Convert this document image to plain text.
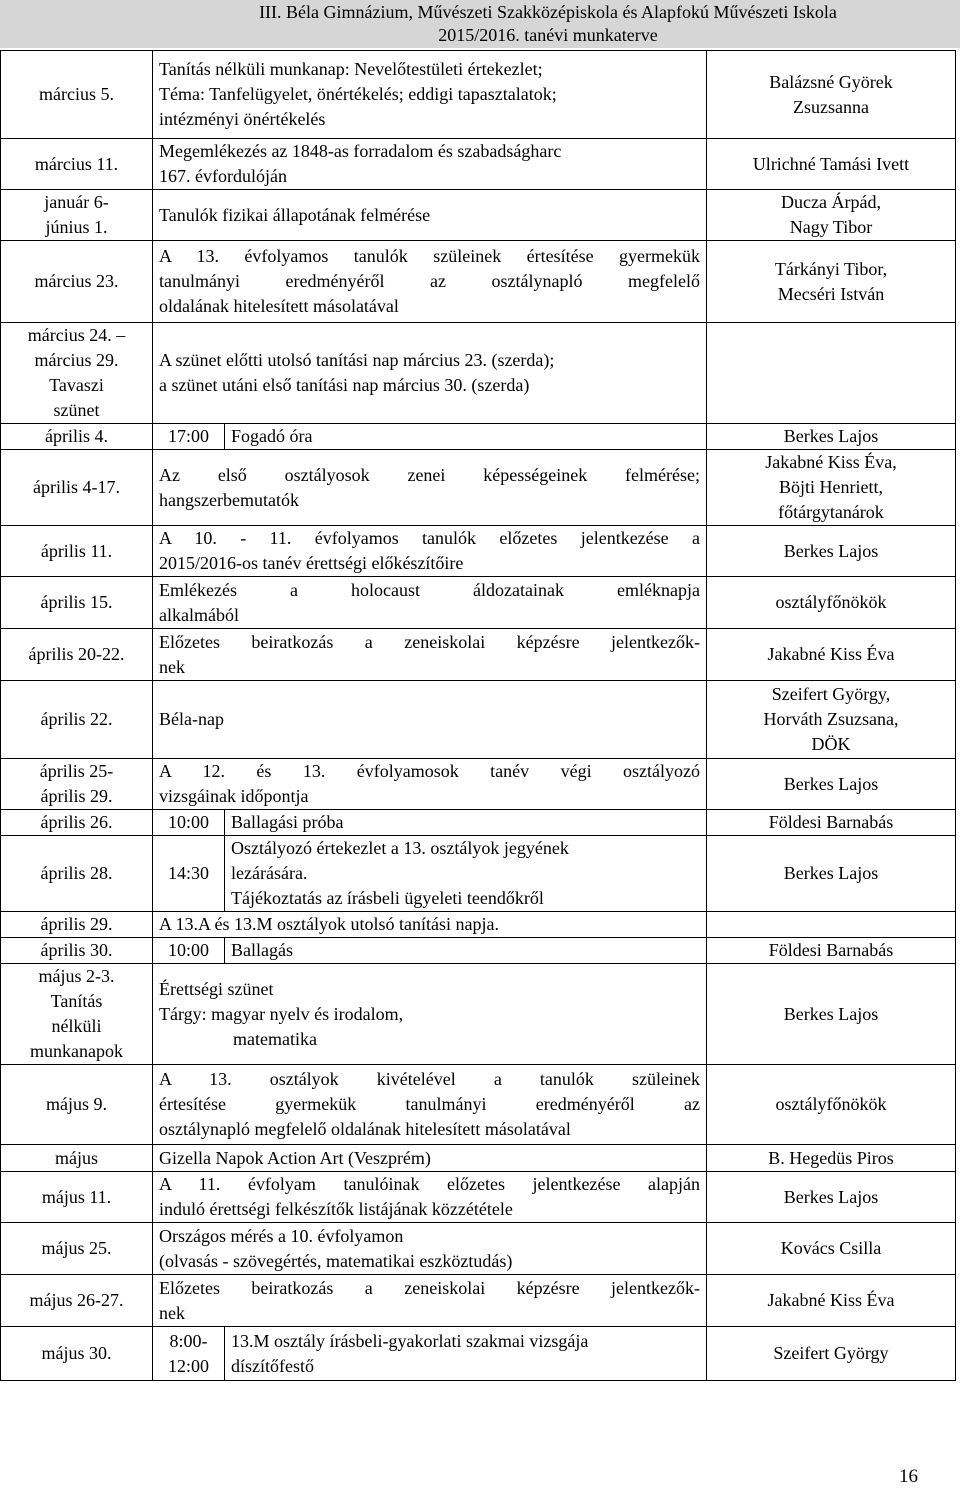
III. Béla Gimnázium, Művészeti Szakközépiskola és Alapfokú Művészeti Iskola
2015/2016. tanévi munkaterve
március 5.	Tanítás nélküli munkanap: Nevelőtestületi értekezlet;
Téma: Tanfelügyelet, önértékelés; eddigi tapasztalatok;
intézményi önértékelés		Balázsné Györek
Zsuzsanna

március 11.	Megemlékezés az 1848-as forradalom és szabadságharc
167. évfordulóján		Ulrichné Tamási Ivett

január 6-
június 1.	Tanulók fizikai állapotának felmérése		Ducza Árpád,
Nagy Tibor

március 23.	A 13. évfolyamos tanulók szüleinek értesítése gyermekük
tanulmányi eredményéről az osztálynapló megfelelő
oldalának hitelesített másolatával		Tárkányi Tibor,
Mecséri István

március 24. –
március 29.
Tavaszi
szünet	A szünet előtti utolsó tanítási nap március 23. (szerda);
a szünet utáni első tanítási nap március 30. (szerda)		

április 4.	17:00	Fogadó óra	Berkes Lajos

április 4-17.	Az első osztályosok zenei képességeinek felmérése;
hangszerbemutatók		Jakabné Kiss Éva,
Böjti Henriett,
főtárgytanárok

április 11.	A 10. - 11. évfolyamos tanulók előzetes jelentkezése a
2015/2016-os tanév érettségi előkészítőire		Berkes Lajos

április 15.	Emlékezés a holocaust áldozatainak emléknapja
alkalmából		osztályfőnökök

április 20-22.	Előzetes beiratkozás a zeneiskolai képzésre jelentkezők-
nek		Jakabné Kiss Éva

április 22.	Béla-nap		Szeifert György,
Horváth Zsuzsana,
DÖK

április 25-
április 29.	A 12. és 13. évfolyamosok tanév végi osztályozó
vizsgáinak időpontja		Berkes Lajos

április 26.	10:00	Ballagási próba	Földesi Barnabás

április 28.	14:30	Osztályozó értekezlet a 13. osztályok jegyének
lezárására.
Tájékoztatás az írásbeli ügyeleti teendőkről	Berkes Lajos

április 29.	A 13.A és 13.M osztályok utolsó tanítási napja.		

április 30.	10:00	Ballagás	Földesi Barnabás

május 2-3.
Tanítás
nélküli
munkanapok	Érettségi szünet
Tárgy: magyar nyelv és irodalom,
matematika		Berkes Lajos

május 9.	A 13. osztályok kivételével a tanulók szüleinek
értesítése gyermekük tanulmányi eredményéről az
osztálynapló megfelelő oldalának hitelesített másolatával		osztályfőnökök

május	Gizella Napok Action Art (Veszprém)		B. Hegedüs Piros

május 11.	A 11. évfolyam tanulóinak előzetes jelentkezése alapján
induló érettségi felkészítők listájának közzététele		Berkes Lajos

május 25.	Országos mérés a 10. évfolyamon
(olvasás - szövegértés, matematikai eszköztudás)		Kovács Csilla

május 26-27.	Előzetes beiratkozás a zeneiskolai képzésre jelentkezők-
nek		Jakabné Kiss Éva

május 30.	8:00-
12:00	13.M osztály írásbeli-gyakorlati szakmai vizsgája
díszítőfestő	Szeifert György
16
